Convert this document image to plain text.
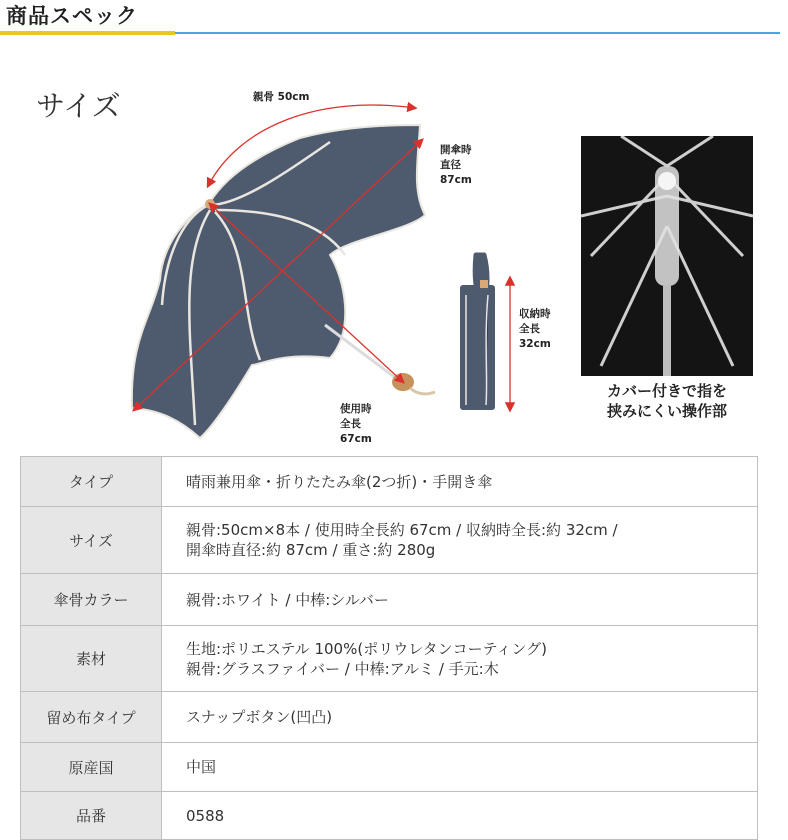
商品スペック
サイズ	親骨 50cm
開傘時
直径
87cm
収納時
全長
32cm
使用時
全長
67cm
カバー付きで指を
挟みにくい操作部
タイプ	晴雨兼用傘・折りたたみ傘(2つ折)・手開き傘

サイズ	親骨:50cm×8本 / 使用時全長約 67cm / 収納時全長:約 32cm /
開傘時直径:約 87cm / 重さ:約 280g

傘骨カラー	親骨:ホワイト / 中棒:シルバー

素材	生地:ポリエステル 100%(ポリウレタンコーティング)
親骨:グラスファイバー / 中棒:アルミ / 手元:木

留め布タイプ	スナップボタン(凹凸)

原産国	中国

品番	0588
